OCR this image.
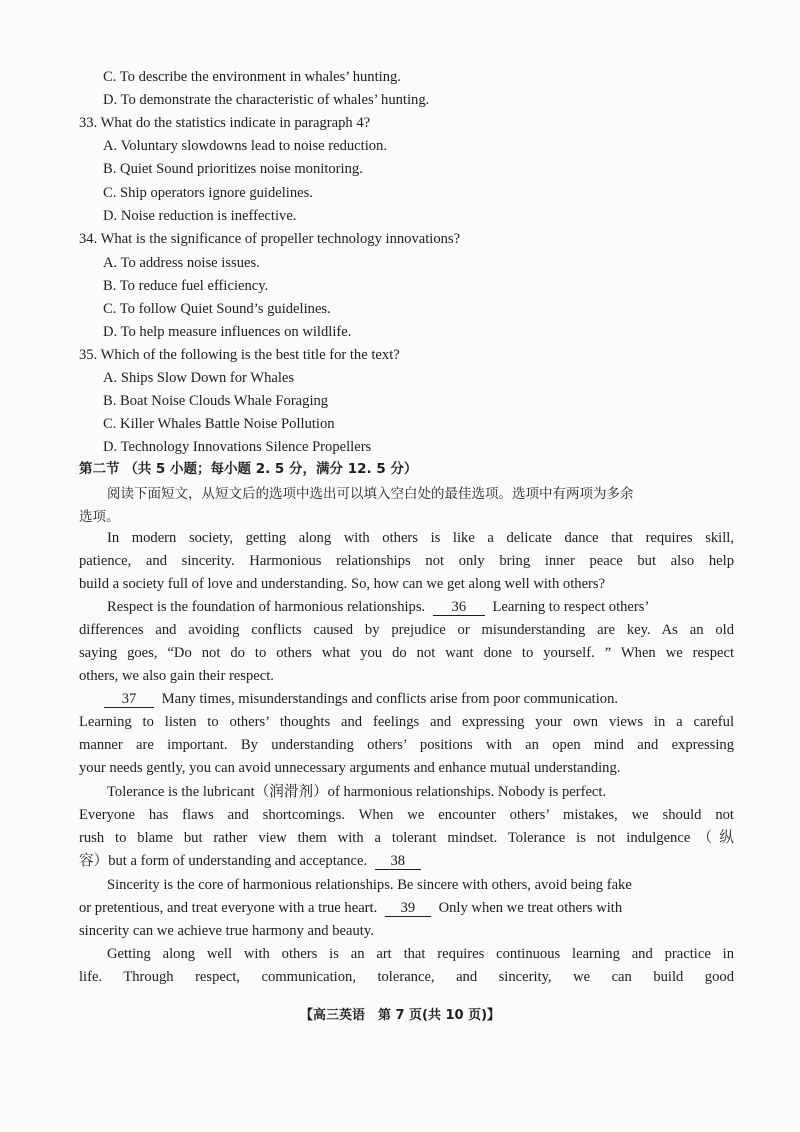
C. To describe the environment in whales’ hunting.
D. To demonstrate the characteristic of whales’ hunting.
33. What do the statistics indicate in paragraph 4?
A. Voluntary slowdowns lead to noise reduction.
B. Quiet Sound prioritizes noise monitoring.
C. Ship operators ignore guidelines.
D. Noise reduction is ineffective.
34. What is the significance of propeller technology innovations?
A. To address noise issues.
B. To reduce fuel efficiency.
C. To follow Quiet Sound’s guidelines.
D. To help measure influences on wildlife.
35. Which of the following is the best title for the text?
A. Ships Slow Down for Whales
B. Boat Noise Clouds Whale Foraging
C. Killer Whales Battle Noise Pollution
D. Technology Innovations Silence Propellers
第二节 （共 5 小题；每小题 2. 5 分，满分 12. 5 分）
阅读下面短文，从短文后的选项中选出可以填入空白处的最佳选项。选项中有两项为多余
选项。
In modern society, getting along with others is like a delicate dance that requires skill,
patience, and sincerity. Harmonious relationships not only bring inner peace but also help
build a society full of love and understanding. So, how can we get along well with others?
Respect is the foundation of harmonious relationships. 36 Learning to respect others’
differences and avoiding conflicts caused by prejudice or misunderstanding are key. As an old
saying goes, “Do not do to others what you do not want done to yourself. ” When we respect
others, we also gain their respect.
37 Many times, misunderstandings and conflicts arise from poor communication.
Learning to listen to others’ thoughts and feelings and expressing your own views in a careful
manner are important. By understanding others’ positions with an open mind and expressing
your needs gently, you can avoid unnecessary arguments and enhance mutual understanding.
Tolerance is the lubricant（润滑剂）of harmonious relationships. Nobody is perfect.
Everyone has flaws and shortcomings. When we encounter others’ mistakes, we should not
rush to blame but rather view them with a tolerant mindset. Tolerance is not indulgence（纵
容）but a form of understanding and acceptance. 38
Sincerity is the core of harmonious relationships. Be sincere with others, avoid being fake
or pretentious, and treat everyone with a true heart. 39 Only when we treat others with
sincerity can we achieve true harmony and beauty.
Getting along well with others is an art that requires continuous learning and practice in
life. Through respect, communication, tolerance, and sincerity, we can build good
【高三英语　第 7 页(共 10 页)】
